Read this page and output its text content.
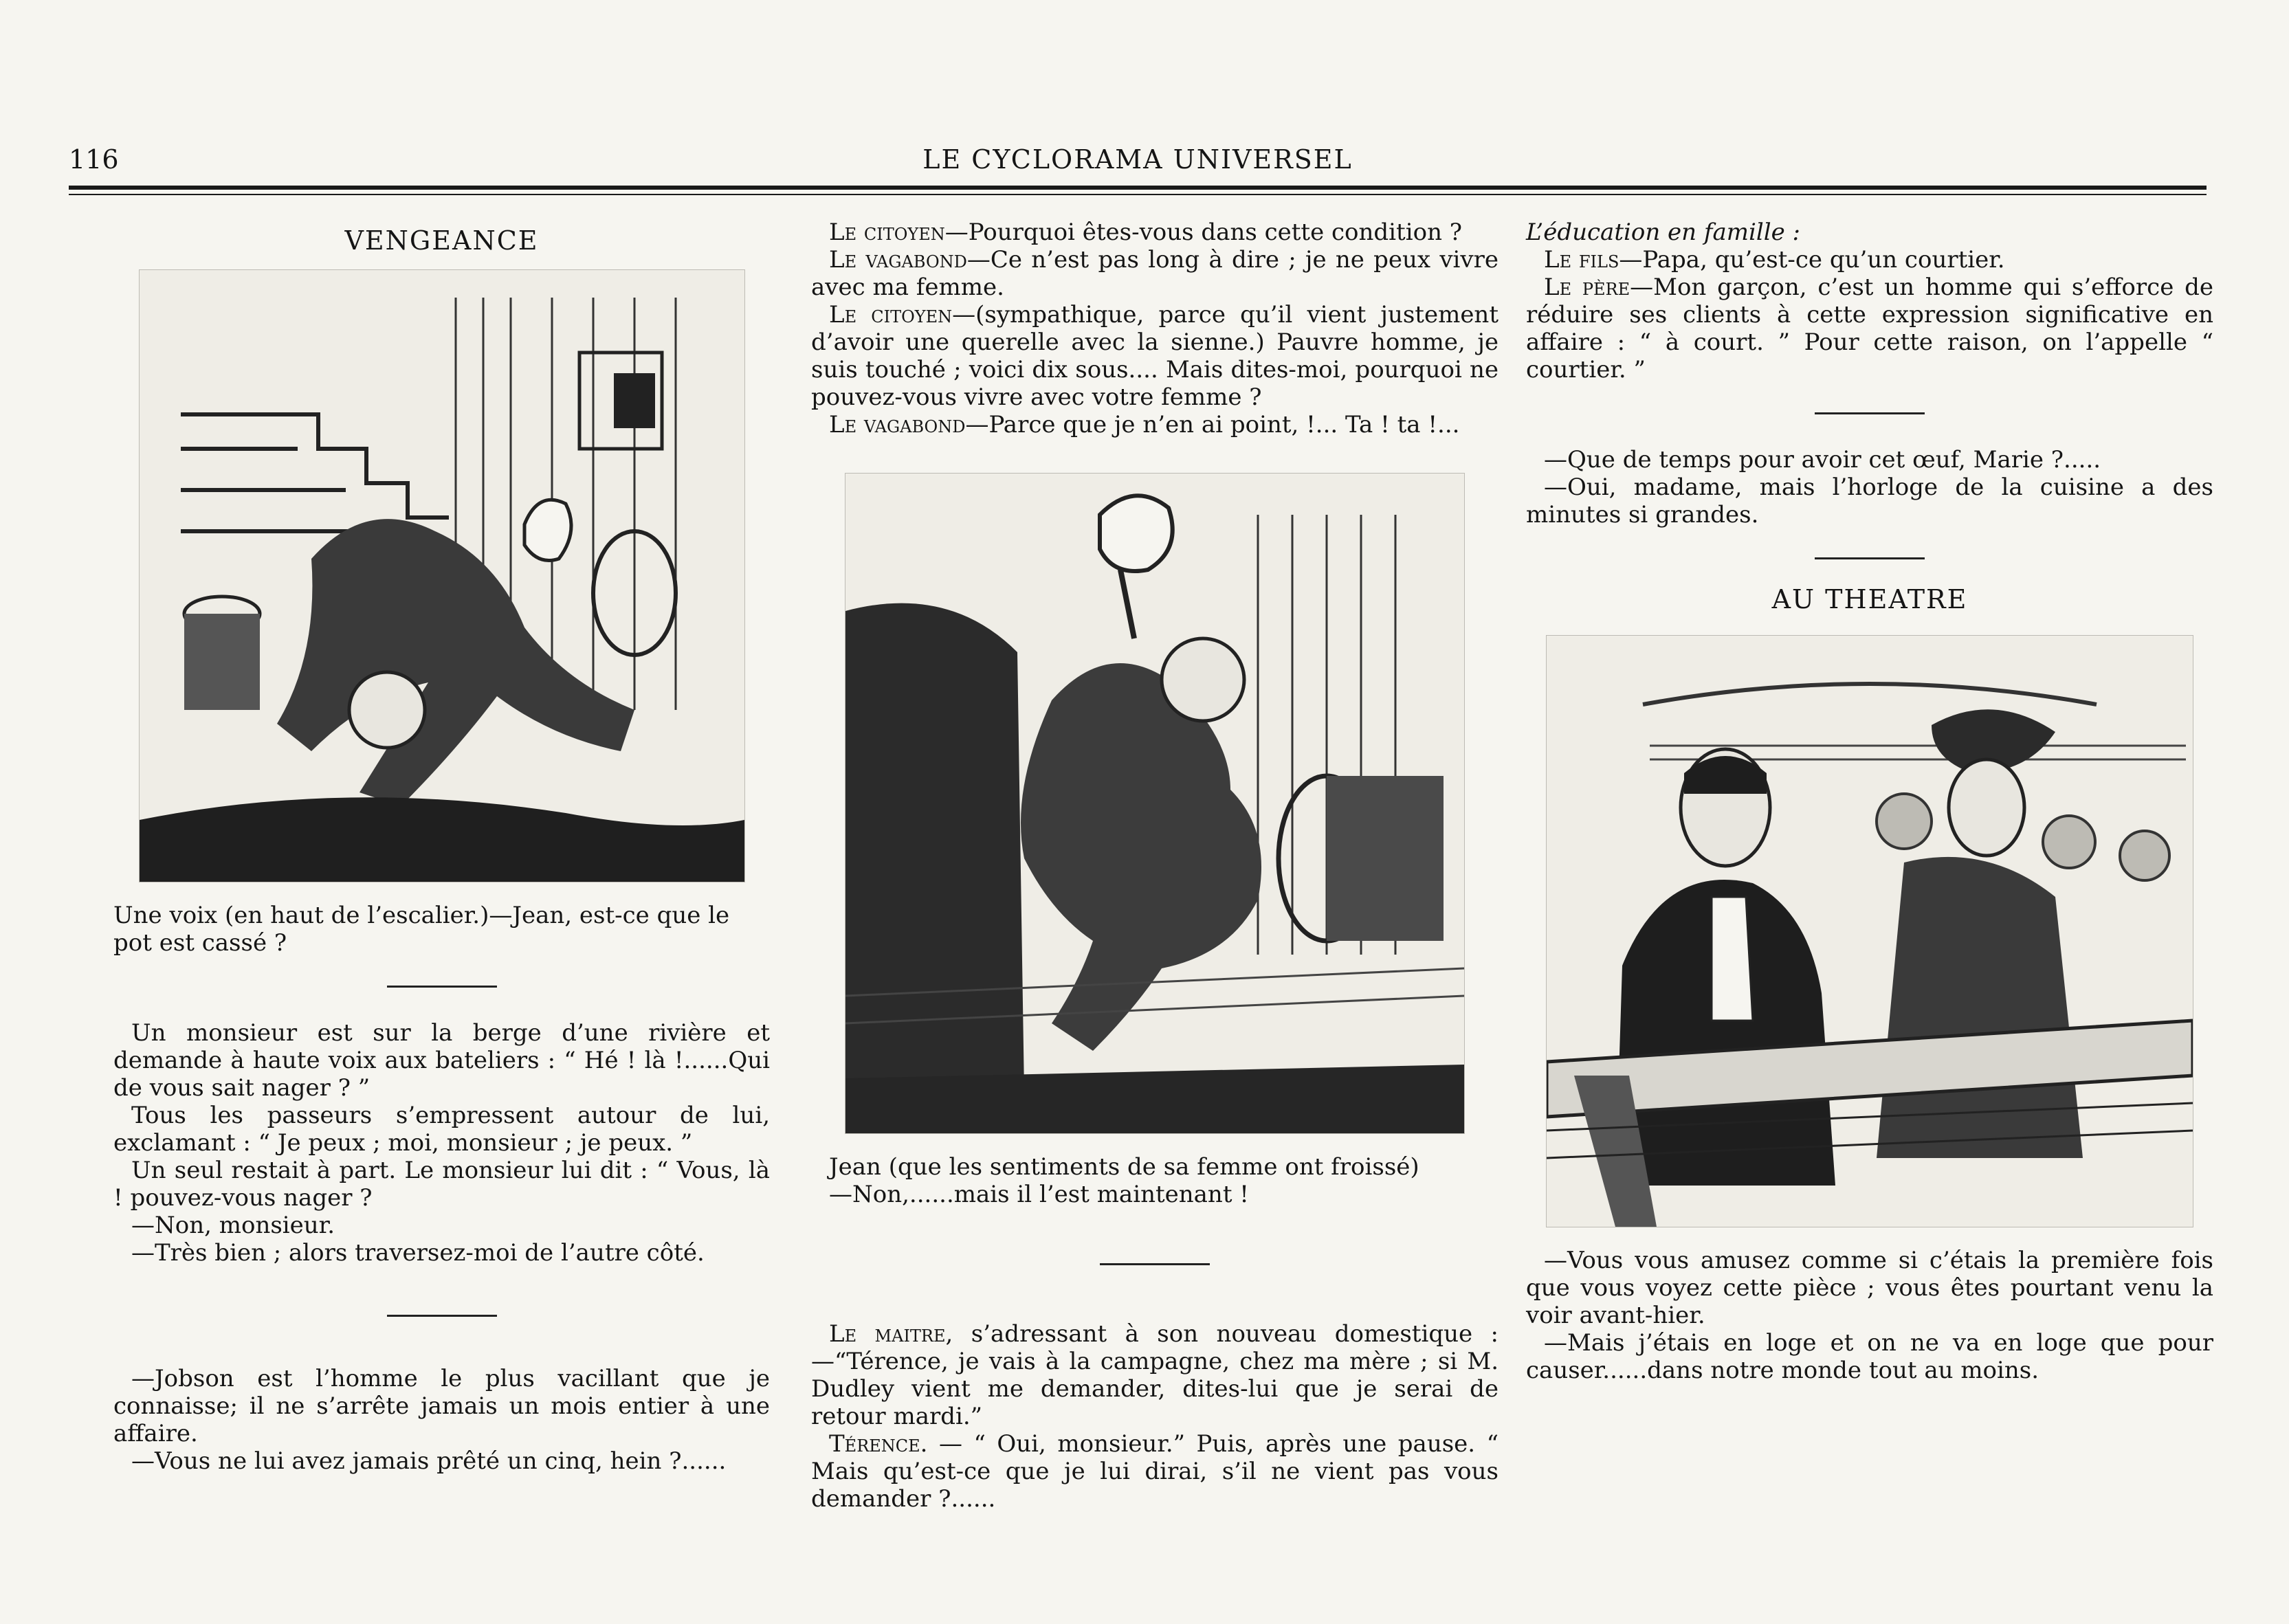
116	LE CYCLORAMA UNIVERSEL
VENGEANCE

Une voix (en haut de l’escalier.)—Jean, est-ce que le

pot est cassé ?

Un monsieur est sur la berge d’une rivière et demande à haute voix aux bateliers : “ Hé ! là !......Qui de vous sait nager ? ”

Tous les passeurs s’empressent autour de lui, exclamant : “ Je peux ; moi, monsieur ; je peux. ”

Un seul restait à part. Le monsieur lui dit : “ Vous, là ! pouvez-vous nager ?

—Non, monsieur.

—Très bien ; alors traversez-moi de l’autre côté.

—Jobson est l’homme le plus vacillant que je connaisse; il ne s’arrête jamais un mois entier à une affaire.

—Vous ne lui avez jamais prêté un cinq, hein ?......

Le citoyen—Pourquoi êtes-vous dans cette condition ?

Le vagabond—Ce n’est pas long à dire ; je ne peux vivre avec ma femme.

Le citoyen—(sympathique, parce qu’il vient justement d’avoir une querelle avec la sienne.) Pauvre homme, je suis touché ; voici dix sous.... Mais dites-moi, pourquoi ne pouvez-vous vivre avec votre femme ?

Le vagabond—Parce que je n’en ai point, !... Ta ! ta !...

Jean (que les sentiments de sa femme ont froissé)

—Non,......mais il l’est maintenant !

Le maitre, s’adressant à son nouveau domestique :—“Térence, je vais à la campagne, chez ma mère ; si M. Dudley vient me demander, dites-lui que je serai de retour mardi.”

Térence. — “ Oui, monsieur.” Puis, après une pause. “ Mais qu’est-ce que je lui dirai, s’il ne vient pas vous demander ?......

L’éducation en famille :

Le fils—Papa, qu’est-ce qu’un courtier.

Le père—Mon garçon, c’est un homme qui s’efforce de réduire ses clients à cette expression significative en affaire : “ à court. ” Pour cette raison, on l’appelle “ courtier. ”

—Que de temps pour avoir cet œuf, Marie ?.....

—Oui, madame, mais l’horloge de la cuisine a des minutes si grandes.

AU THEATRE

—Vous vous amusez comme si c’étais la première fois que vous voyez cette pièce ; vous êtes pourtant venu la voir avant-hier.

—Mais j’étais en loge et on ne va en loge que pour causer......dans notre monde tout au moins.
